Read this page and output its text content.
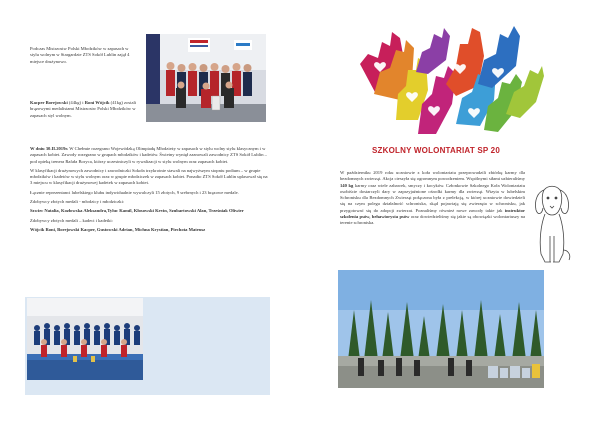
Podczas Mistrzostw Polski Młodzików w zapasach w stylu wolnym w Stargardzie ZTS Sokół Lublin zajął 4 miejsce drużynowo.
Kacper Borejowski (44kg) i Roni Wójcik (41kg) zostali brązowymi medalistami Mistrzostw Polski Młodzików w zapasach styl wolnym.

W dniu 30.II.2019r. W Chełmie rozegrano Wojewódzką Olimpiadę Młodzieży w zapasach w stylu wolny stylu klasycznym i w zapasach kobiet. Zawody rozegrano w grupach młodzików i kadetów. Świetny wynięł zaznowali zawodnicy ZTS Sokół Lublin – pod opieką trenera Rafała Boryca, którzy uczestniczyli w rywalizacji w stylu wolnym oraz zapasach kobiet.

W klasyfikacji drużynowych zawodnicy i zawodniczki Sokoła trzykrotnie stawali na najwyższym stopniu podium – w grupie młodzików i kadetów w stylu wolnym oraz w grupie młodziczek w zapasach kobiet. Ponadto ZTS Sokół Lublin uplasował się na 3 miejscu w klasyfikacji drużynowej kadetek w zapasach kobiet.

Łącznie reprezentanci lubelskiego klubu indywidualnie wywalczyli 15 złotych, 9 srebrnych i 23 brązowe medale.

Zdobywcy złotych medali - młodzicy i młodziczki:

Szwiec Natalia, Kozłowska Aleksandra,Tyluc Kamil, Kłosowski Kevin, Szubartowski Alan, Trześniak Oliwier

Zdobywcy złotych medali – kadeci i kadetki:

Wójcik Roni, Borejowski Kacper, Gustowski Adrian, Michna Krystian, Piechota Mateusz

SZKOLNY WOLONTARIAT SP 20
W październiku 2019 roku uczniowie z koła wolontariatu przeprowadzili zbiórkę karmy dla bezdomnych zwierząt. Akcja cieszyła się ogromnym powodzeniem. Wspólnymi siłami uzbieraliśmy 140 kg karmy oraz wiele zabawek, smyczy i kocyków. Członkowie Szkolnego Koła Wolontariatu osobiście dostarczyli dary w zaprzyjaźnione ośrodki karmy dla zwierząt. Wizyta w lubelskim Schronisku dla Bezdomnych Zwierząt połączona była z prelekcją, w której uczniowie dowiedzieli się na czym polega działalność schroniska, skąd pojawiają się zwierzęta w schronisku, jak przygotować się do adopcji zwierzat. Poznaliśmy również nowe zawody takie jak instruktor szkolenia psów, behawiorysta psów oraz dowiedzieliśmy się jakie są obowiązki wolontariuszy na terenie schroniska.
